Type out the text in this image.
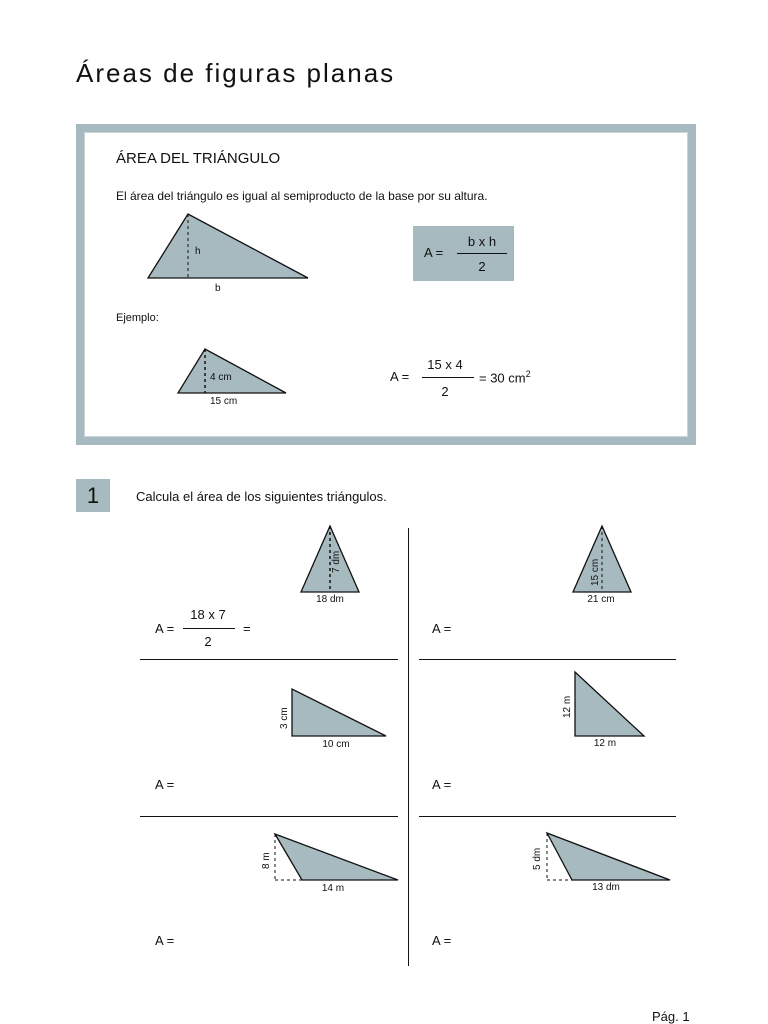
Áreas de figuras planas
ÁREA DEL TRIÁNGULO
El área del triángulo es igual al semiproducto de la base por su altura.
h
b
A =
b x h
2
Ejemplo:
4 cm
15 cm
A =
15 x 4
2
= 30 $cm^2$
1	Calcula el área de los siguientes triángulos.
7 dm
18 dm
A =
18 x 7
2
=
15 cm
21 cm
A =
3 cm
10 cm
A =
12 m
12 m
A =
8 m
14 m
A =
5 dm
13 dm
A =
Pág. 1
